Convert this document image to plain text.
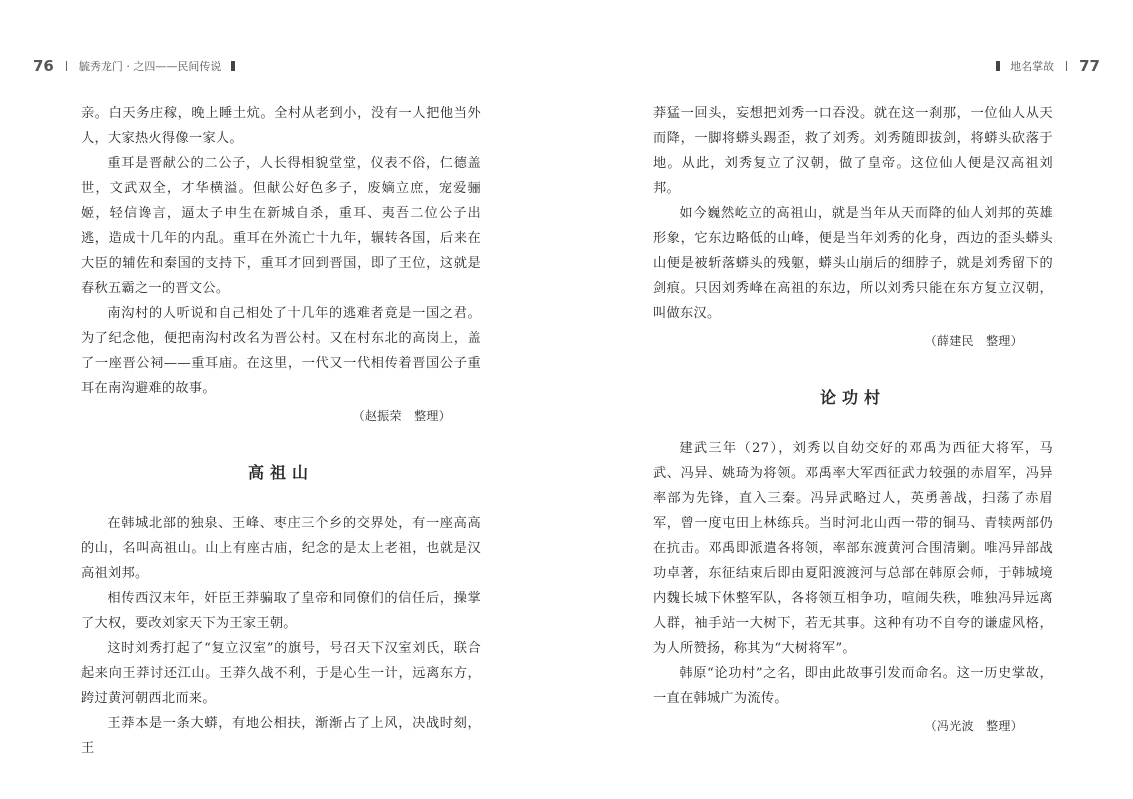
76 毓秀龙门 · 之四——民间传说

亲。白天务庄稼，晚上睡土炕。全村从老到小，没有一人把他当外人，大家热火得像一家人。

重耳是晋献公的二公子，人长得相貌堂堂，仪表不俗，仁德盖世，文武双全，才华横溢。但献公好色多子，废嫡立庶，宠爱骊姬，轻信谗言，逼太子申生在新城自杀，重耳、夷吾二位公子出逃，造成十几年的内乱。重耳在外流亡十九年，辗转各国，后来在大臣的辅佐和秦国的支持下，重耳才回到晋国，即了王位，这就是春秋五霸之一的晋文公。

南沟村的人听说和自己相处了十几年的逃难者竟是一国之君。为了纪念他，便把南沟村改名为晋公村。又在村东北的高岗上，盖了一座晋公祠——重耳庙。在这里，一代又一代相传着晋国公子重耳在南沟避难的故事。

（赵振荣　整理）

高祖山

在韩城北部的独泉、王峰、枣庄三个乡的交界处，有一座高高的山，名叫高祖山。山上有座古庙，纪念的是太上老祖，也就是汉高祖刘邦。

相传西汉末年，奸臣王莽骗取了皇帝和同僚们的信任后，操掌了大权，要改刘家天下为王家王朝。

这时刘秀打起了“复立汉室”的旗号，号召天下汉室刘氏，联合起来向王莽讨还江山。王莽久战不利，于是心生一计，远离东方，跨过黄河朝西北而来。

王莽本是一条大蟒，有地公相扶，渐渐占了上风，决战时刻，王

地名掌故 77

莽猛一回头，妄想把刘秀一口吞没。就在这一刹那，一位仙人从天而降，一脚将蟒头踢歪，救了刘秀。刘秀随即拔剑，将蟒头砍落于地。从此，刘秀复立了汉朝，做了皇帝。这位仙人便是汉高祖刘邦。

如今巍然屹立的高祖山，就是当年从天而降的仙人刘邦的英雄形象，它东边略低的山峰，便是当年刘秀的化身，西边的歪头蟒头山便是被斩落蟒头的残躯，蟒头山崩后的细脖子，就是刘秀留下的剑痕。只因刘秀峰在高祖的东边，所以刘秀只能在东方复立汉朝，叫做东汉。

（薛建民　整理）

论功村

建武三年（27），刘秀以自幼交好的邓禹为西征大将军，马武、冯异、姚琦为将领。邓禹率大军西征武力较强的赤眉军，冯异率部为先锋，直入三秦。冯异武略过人，英勇善战，扫荡了赤眉军，曾一度屯田上林练兵。当时河北山西一带的铜马、青犊两部仍在抗击。邓禹即派遣各将领，率部东渡黄河合围清剿。唯冯异部战功卓著，东征结束后即由夏阳渡渡河与总部在韩原会师，于韩城境内魏长城下休整军队，各将领互相争功，喧闹失秩，唯独冯异远离人群，袖手站一大树下，若无其事。这种有功不自夸的谦虚风格，为人所赞扬，称其为“大树将军”。

韩原“论功村”之名，即由此故事引发而命名。这一历史掌故，一直在韩城广为流传。

（冯光波　整理）
